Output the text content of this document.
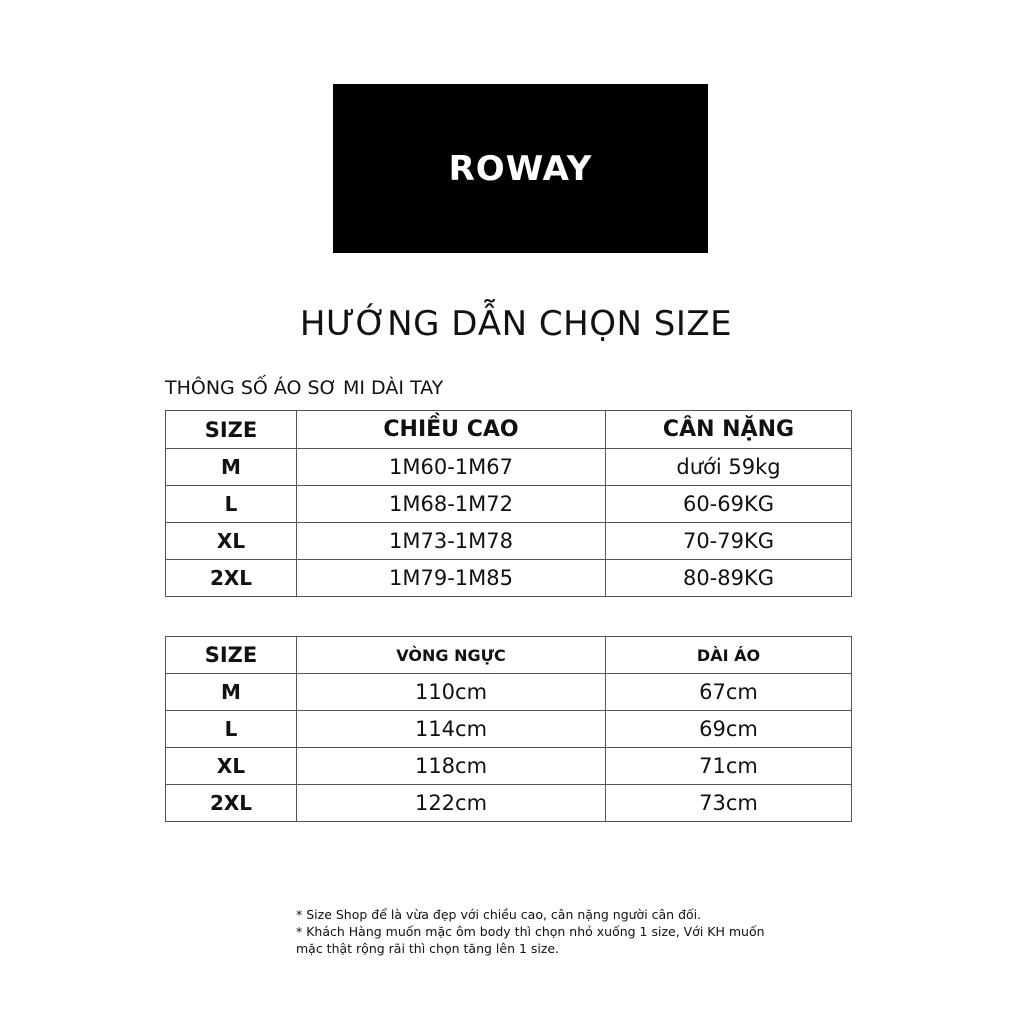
ROWAY
HƯỚNG DẪN CHỌN SIZE
THÔNG SỐ ÁO SƠ MI DÀI TAY
SIZE	CHIỀU CAO	CÂN NẶNG
M	1M60-1M67	dưới 59kg
L	1M68-1M72	60-69KG
XL	1M73-1M78	70-79KG
2XL	1M79-1M85	80-89KG
SIZE	VÒNG NGỰC	DÀI ÁO
M	110cm	67cm
L	114cm	69cm
XL	118cm	71cm
2XL	122cm	73cm
* Size Shop để là vừa đẹp với chiều cao, cân nặng người cân đối.
* Khách Hàng muốn mặc ôm body thì chọn nhỏ xuống 1 size, Với KH muốn
mặc thật rộng rãi thì chọn tăng lên 1 size.
